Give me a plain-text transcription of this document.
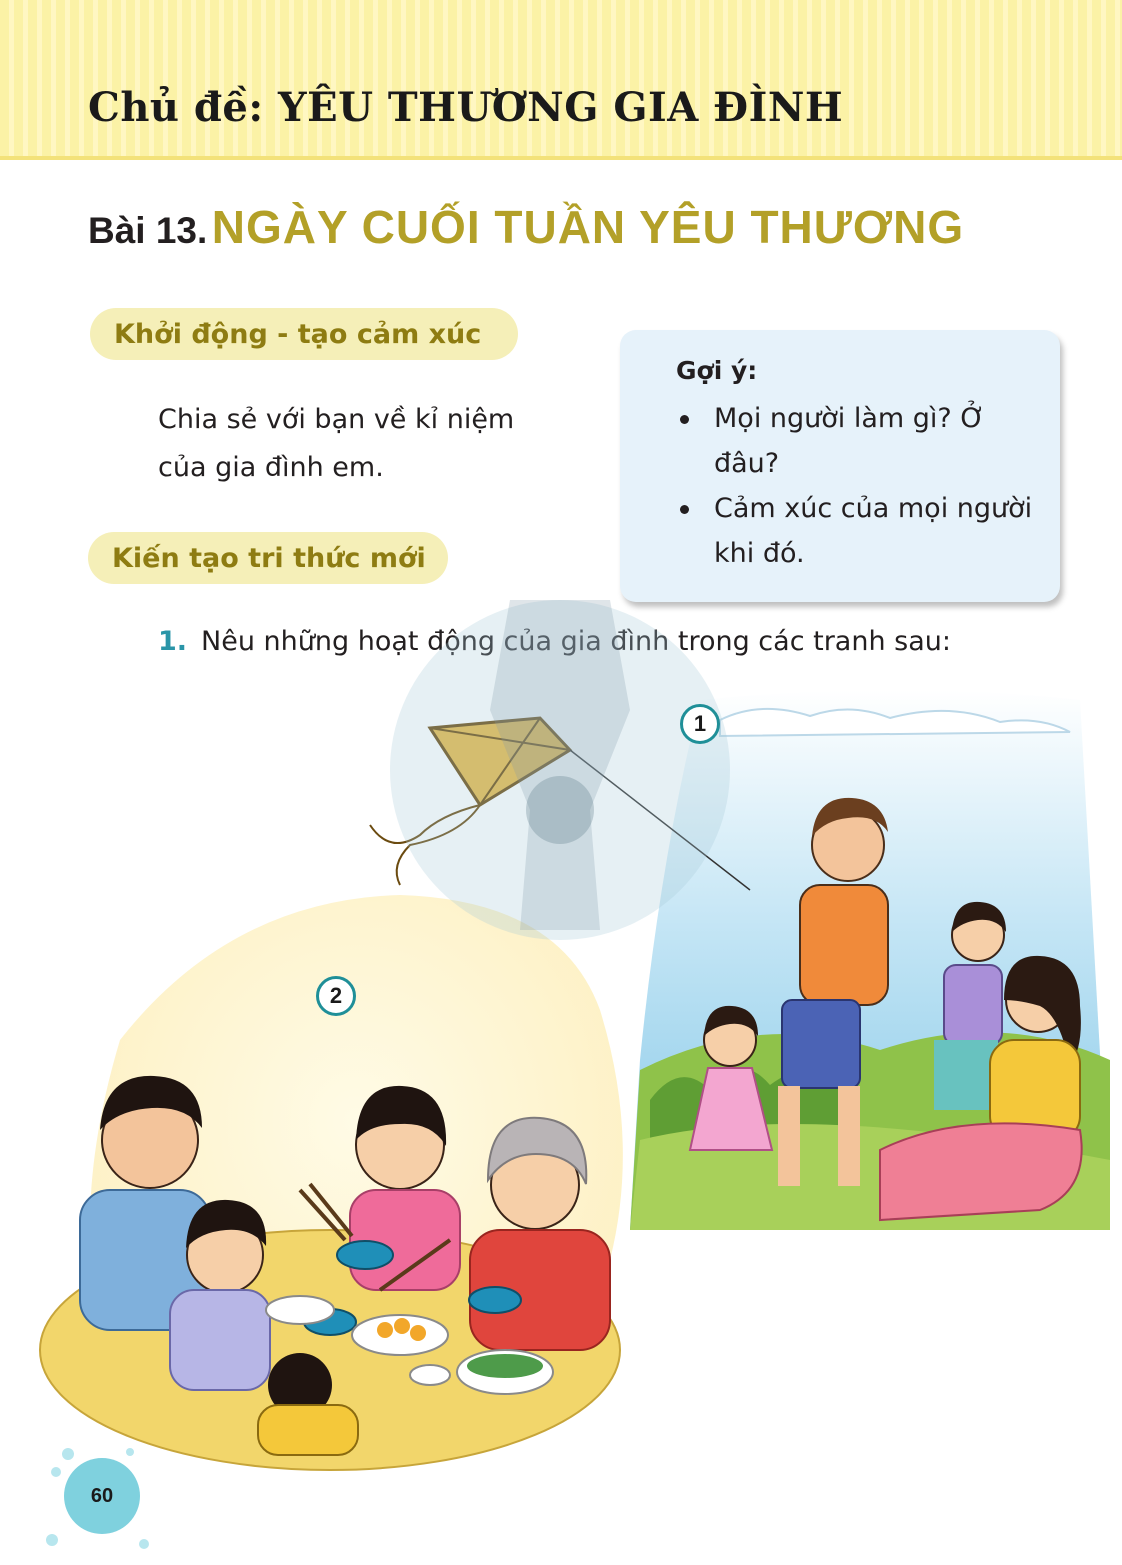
Chủ đề: YÊU THƯƠNG GIA ĐÌNH
Bài 13. NGÀY CUỐI TUẦN YÊU THƯƠNG
Khởi động - tạo cảm xúc
Chia sẻ với bạn về kỉ niệm
của gia đình em.
Gợi ý:
Mọi người làm gì? Ở đâu?
Cảm xúc của mọi người khi đó.
Kiến tạo tri thức mới
1. Nêu những hoạt động của gia đình trong các tranh sau:
1
2
60
